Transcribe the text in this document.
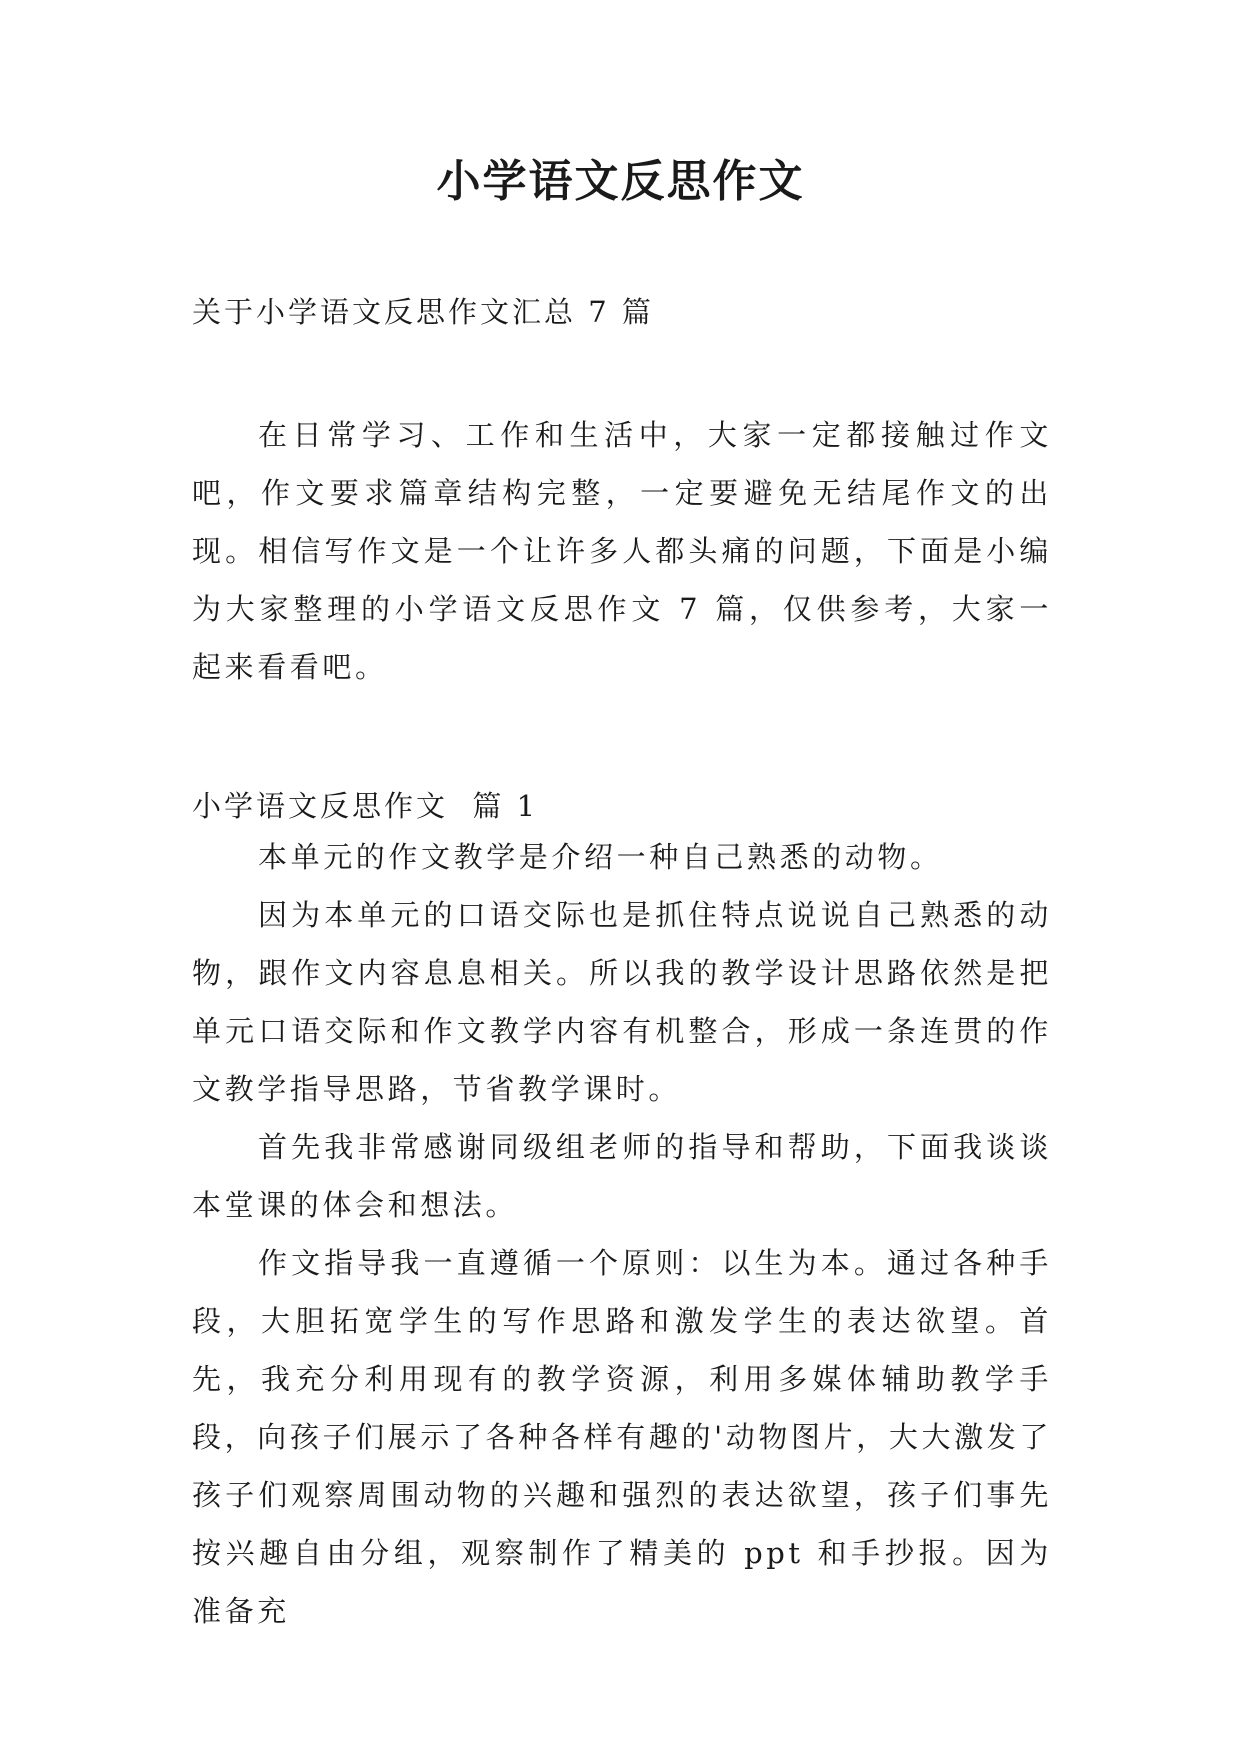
小学语文反思作文

关于小学语文反思作文汇总 7 篇

在日常学习、工作和生活中，大家一定都接触过作文吧，作文要求篇章结构完整，一定要避免无结尾作文的出现。相信写作文是一个让许多人都头痛的问题，下面是小编为大家整理的小学语文反思作文 7 篇，仅供参考，大家一起来看看吧。

小学语文反思作文  篇 1

本单元的作文教学是介绍一种自己熟悉的动物。

因为本单元的口语交际也是抓住特点说说自己熟悉的动物，跟作文内容息息相关。所以我的教学设计思路依然是把单元口语交际和作文教学内容有机整合，形成一条连贯的作文教学指导思路，节省教学课时。

首先我非常感谢同级组老师的指导和帮助，下面我谈谈本堂课的体会和想法。

作文指导我一直遵循一个原则：以生为本。通过各种手段，大胆拓宽学生的写作思路和激发学生的表达欲望。首先，我充分利用现有的教学资源，利用多媒体辅助教学手段，向孩子们展示了各种各样有趣的'动物图片，大大激发了孩子们观察周围动物的兴趣和强烈的表达欲望，孩子们事先按兴趣自由分组，观察制作了精美的 ppt 和手抄报。因为准备充
